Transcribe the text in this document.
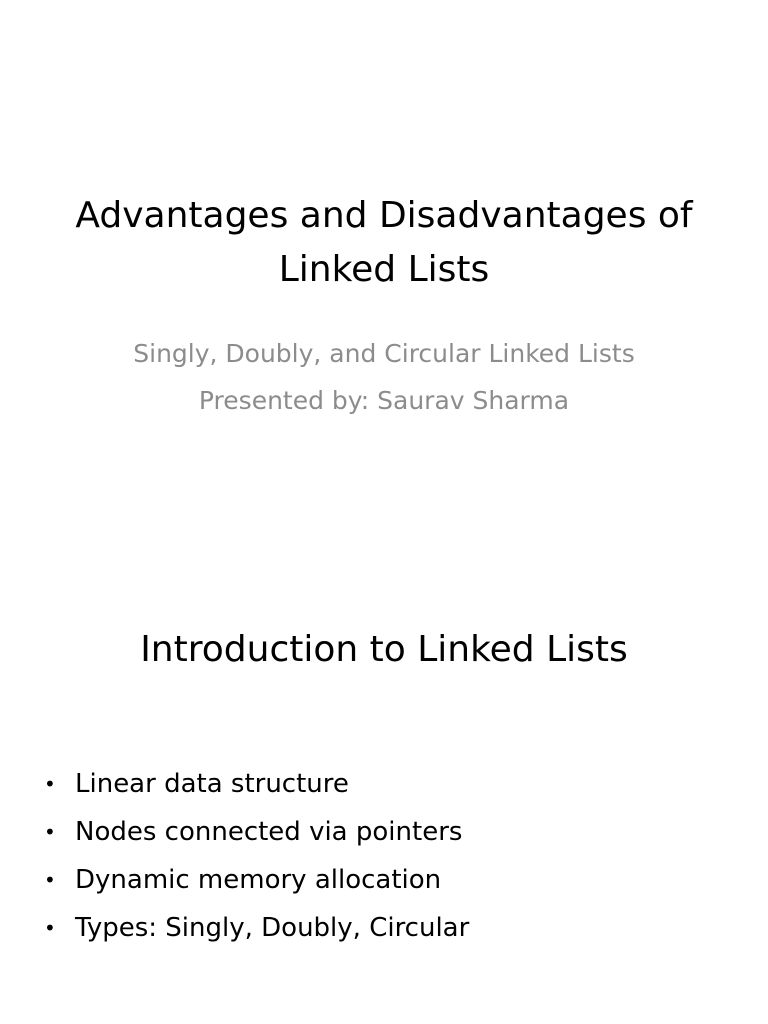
Advantages and Disadvantages of Linked Lists
Singly, Doubly, and Circular Linked Lists
Presented by: Saurav Sharma
Introduction to Linked Lists
• Linear data structure
• Nodes connected via pointers
• Dynamic memory allocation
• Types: Singly, Doubly, Circular
